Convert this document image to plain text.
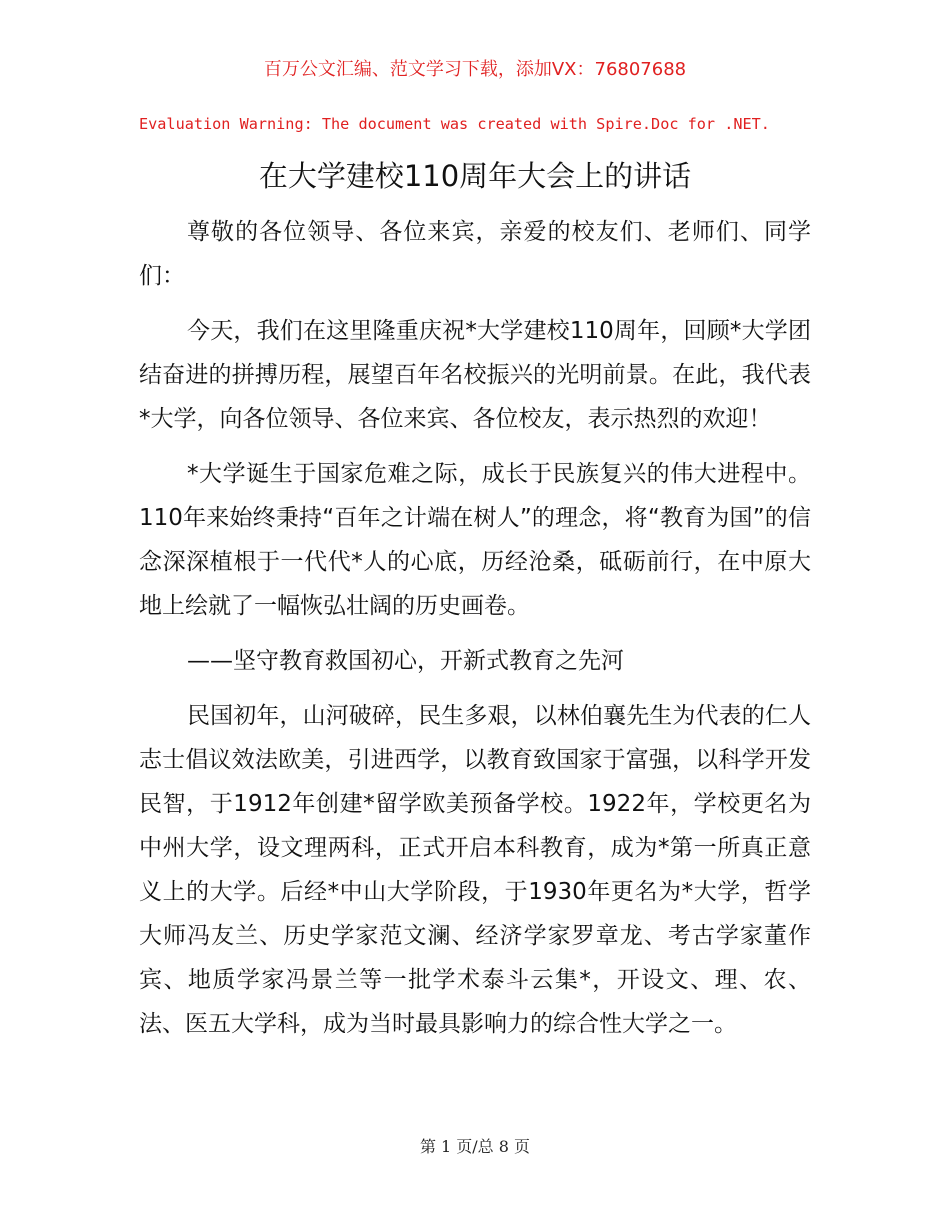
百万公文汇编、范文学习下载，添加VX：76807688
Evaluation Warning: The document was created with Spire.Doc for .NET.
在大学建校110周年大会上的讲话

尊敬的各位领导、各位来宾，亲爱的校友们、老师们、同学们：

今天，我们在这里隆重庆祝*大学建校110周年，回顾*大学团结奋进的拼搏历程，展望百年名校振兴的光明前景。在此，我代表*大学，向各位领导、各位来宾、各位校友，表示热烈的欢迎！

*大学诞生于国家危难之际，成长于民族复兴的伟大进程中。110年来始终秉持“百年之计端在树人”的理念，将“教育为国”的信念深深植根于一代代*人的心底，历经沧桑，砥砺前行，在中原大地上绘就了一幅恢弘壮阔的历史画卷。

——坚守教育救国初心，开新式教育之先河

民国初年，山河破碎，民生多艰，以林伯襄先生为代表的仁人志士倡议效法欧美，引进西学，以教育致国家于富强，以科学开发民智，于1912年创建*留学欧美预备学校。1922年，学校更名为中州大学，设文理两科，正式开启本科教育，成为*第一所真正意义上的大学。后经*中山大学阶段，于1930年更名为*大学，哲学大师冯友兰、历史学家范文澜、经济学家罗章龙、考古学家董作宾、地质学家冯景兰等一批学术泰斗云集*，开设文、理、农、法、医五大学科，成为当时最具影响力的综合性大学之一。

第 1 页/总 8 页
